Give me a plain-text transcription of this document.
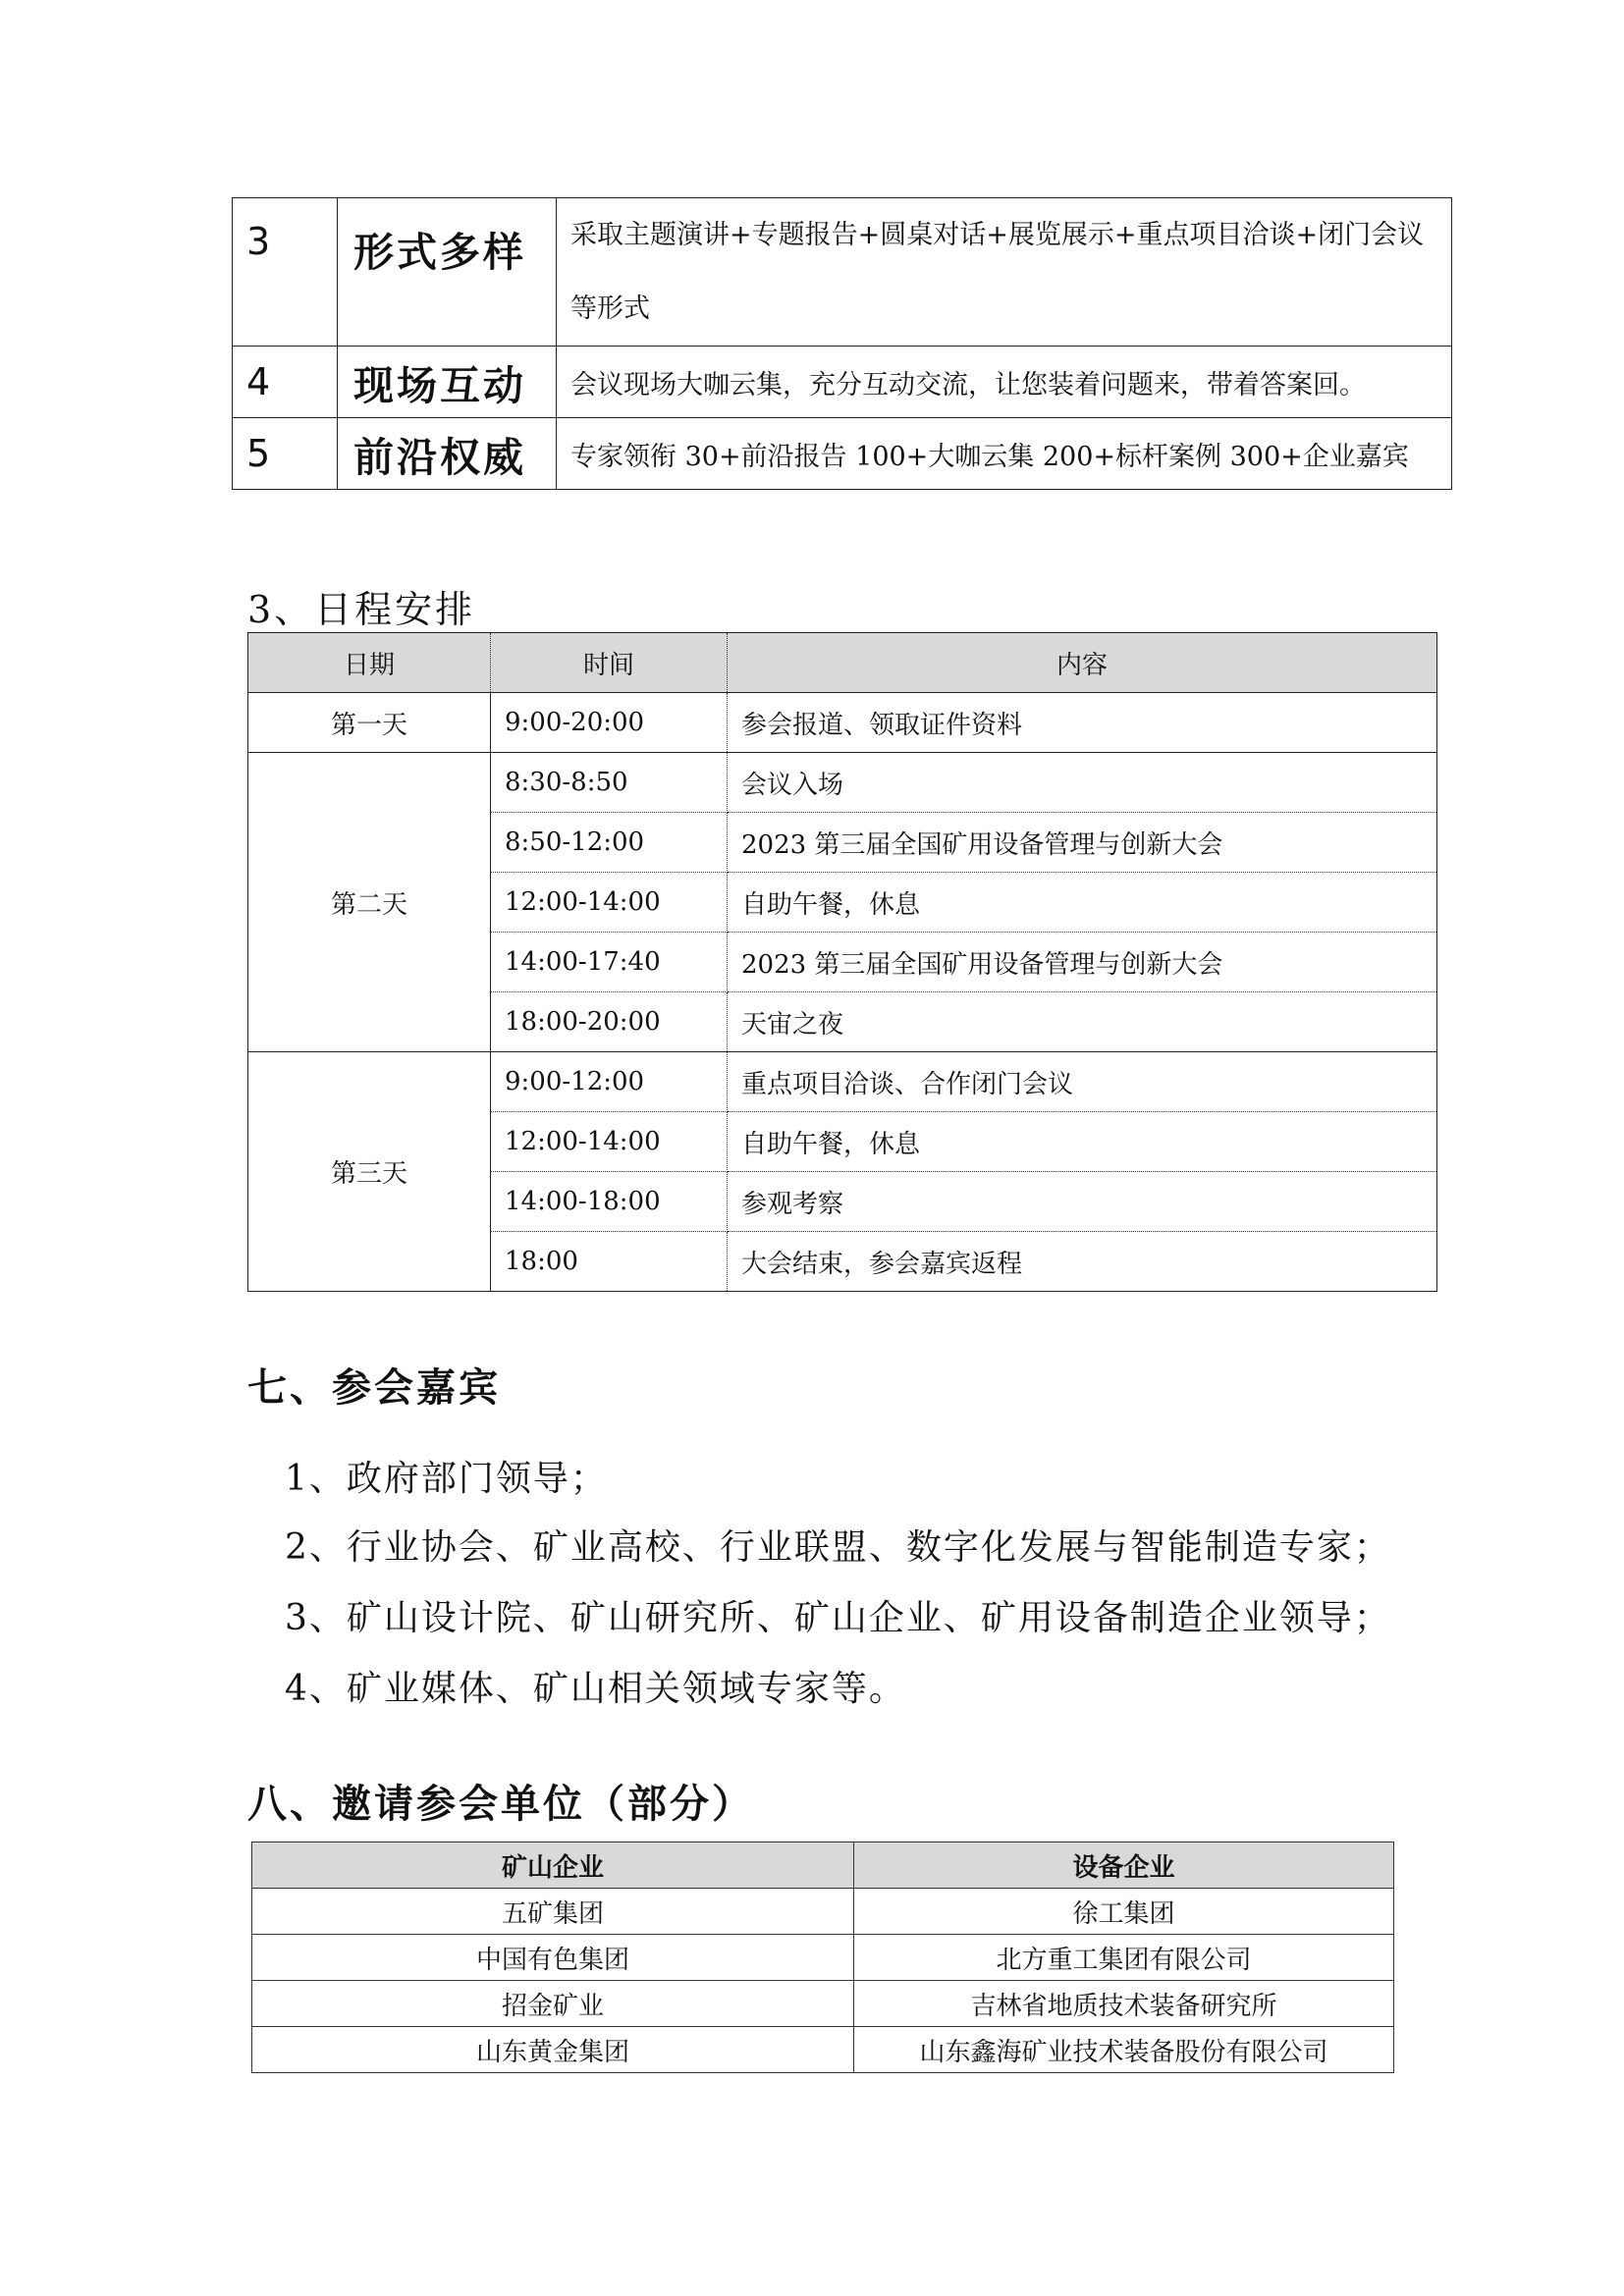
3	形式多样	采取主题演讲+专题报告+圆桌对话+展览展示+重点项目洽谈+闭门会议等形式
4	现场互动	会议现场大咖云集，充分互动交流，让您装着问题来，带着答案回。
5	前沿权威	专家领衔 30+前沿报告 100+大咖云集 200+标杆案例 300+企业嘉宾
3、日程安排
日期	时间	内容
第一天	9:00-20:00	参会报道、领取证件资料
第二天	8:30-8:50	会议入场
	8:50-12:00	2023 第三届全国矿用设备管理与创新大会
	12:00-14:00	自助午餐，休息
	14:00-17:40	2023 第三届全国矿用设备管理与创新大会
	18:00-20:00	天宙之夜
第三天	9:00-12:00	重点项目洽谈、合作闭门会议
	12:00-14:00	自助午餐，休息
	14:00-18:00	参观考察
	18:00	大会结束，参会嘉宾返程
七、参会嘉宾
1、政府部门领导；
2、行业协会、矿业高校、行业联盟、数字化发展与智能制造专家；
3、矿山设计院、矿山研究所、矿山企业、矿用设备制造企业领导；
4、矿业媒体、矿山相关领域专家等。
八、邀请参会单位（部分）
矿山企业	设备企业
五矿集团	徐工集团
中国有色集团	北方重工集团有限公司
招金矿业	吉林省地质技术装备研究所
山东黄金集团	山东鑫海矿业技术装备股份有限公司
